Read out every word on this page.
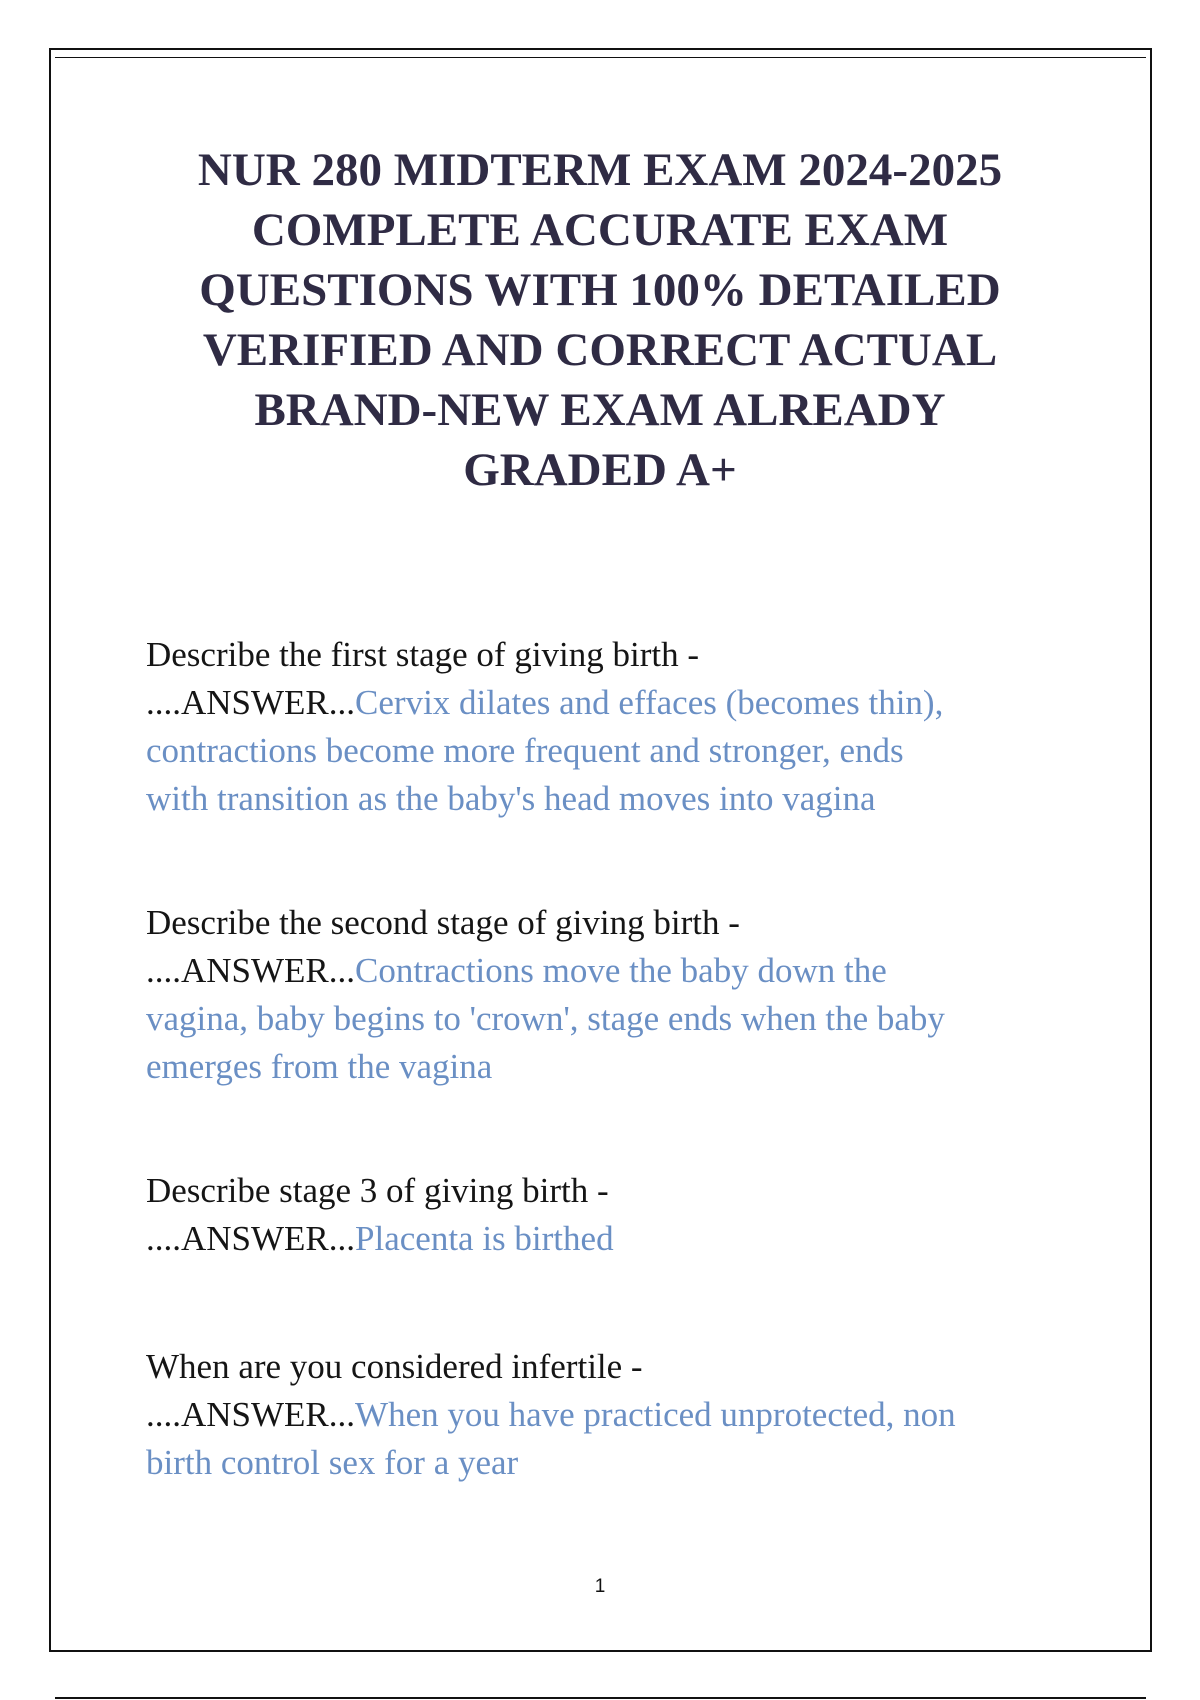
NUR 280 MIDTERM EXAM 2024-2025
COMPLETE ACCURATE EXAM
QUESTIONS WITH 100% DETAILED
VERIFIED AND CORRECT ACTUAL
BRAND-NEW EXAM ALREADY
GRADED A+
Describe the first stage of giving birth -
....ANSWER...Cervix dilates and effaces (becomes thin),
contractions become more frequent and stronger, ends
with transition as the baby's head moves into vagina
Describe the second stage of giving birth -
....ANSWER...Contractions move the baby down the
vagina, baby begins to 'crown', stage ends when the baby
emerges from the vagina
Describe stage 3 of giving birth -
....ANSWER...Placenta is birthed
When are you considered infertile -
....ANSWER...When you have practiced unprotected, non
birth control sex for a year
1
